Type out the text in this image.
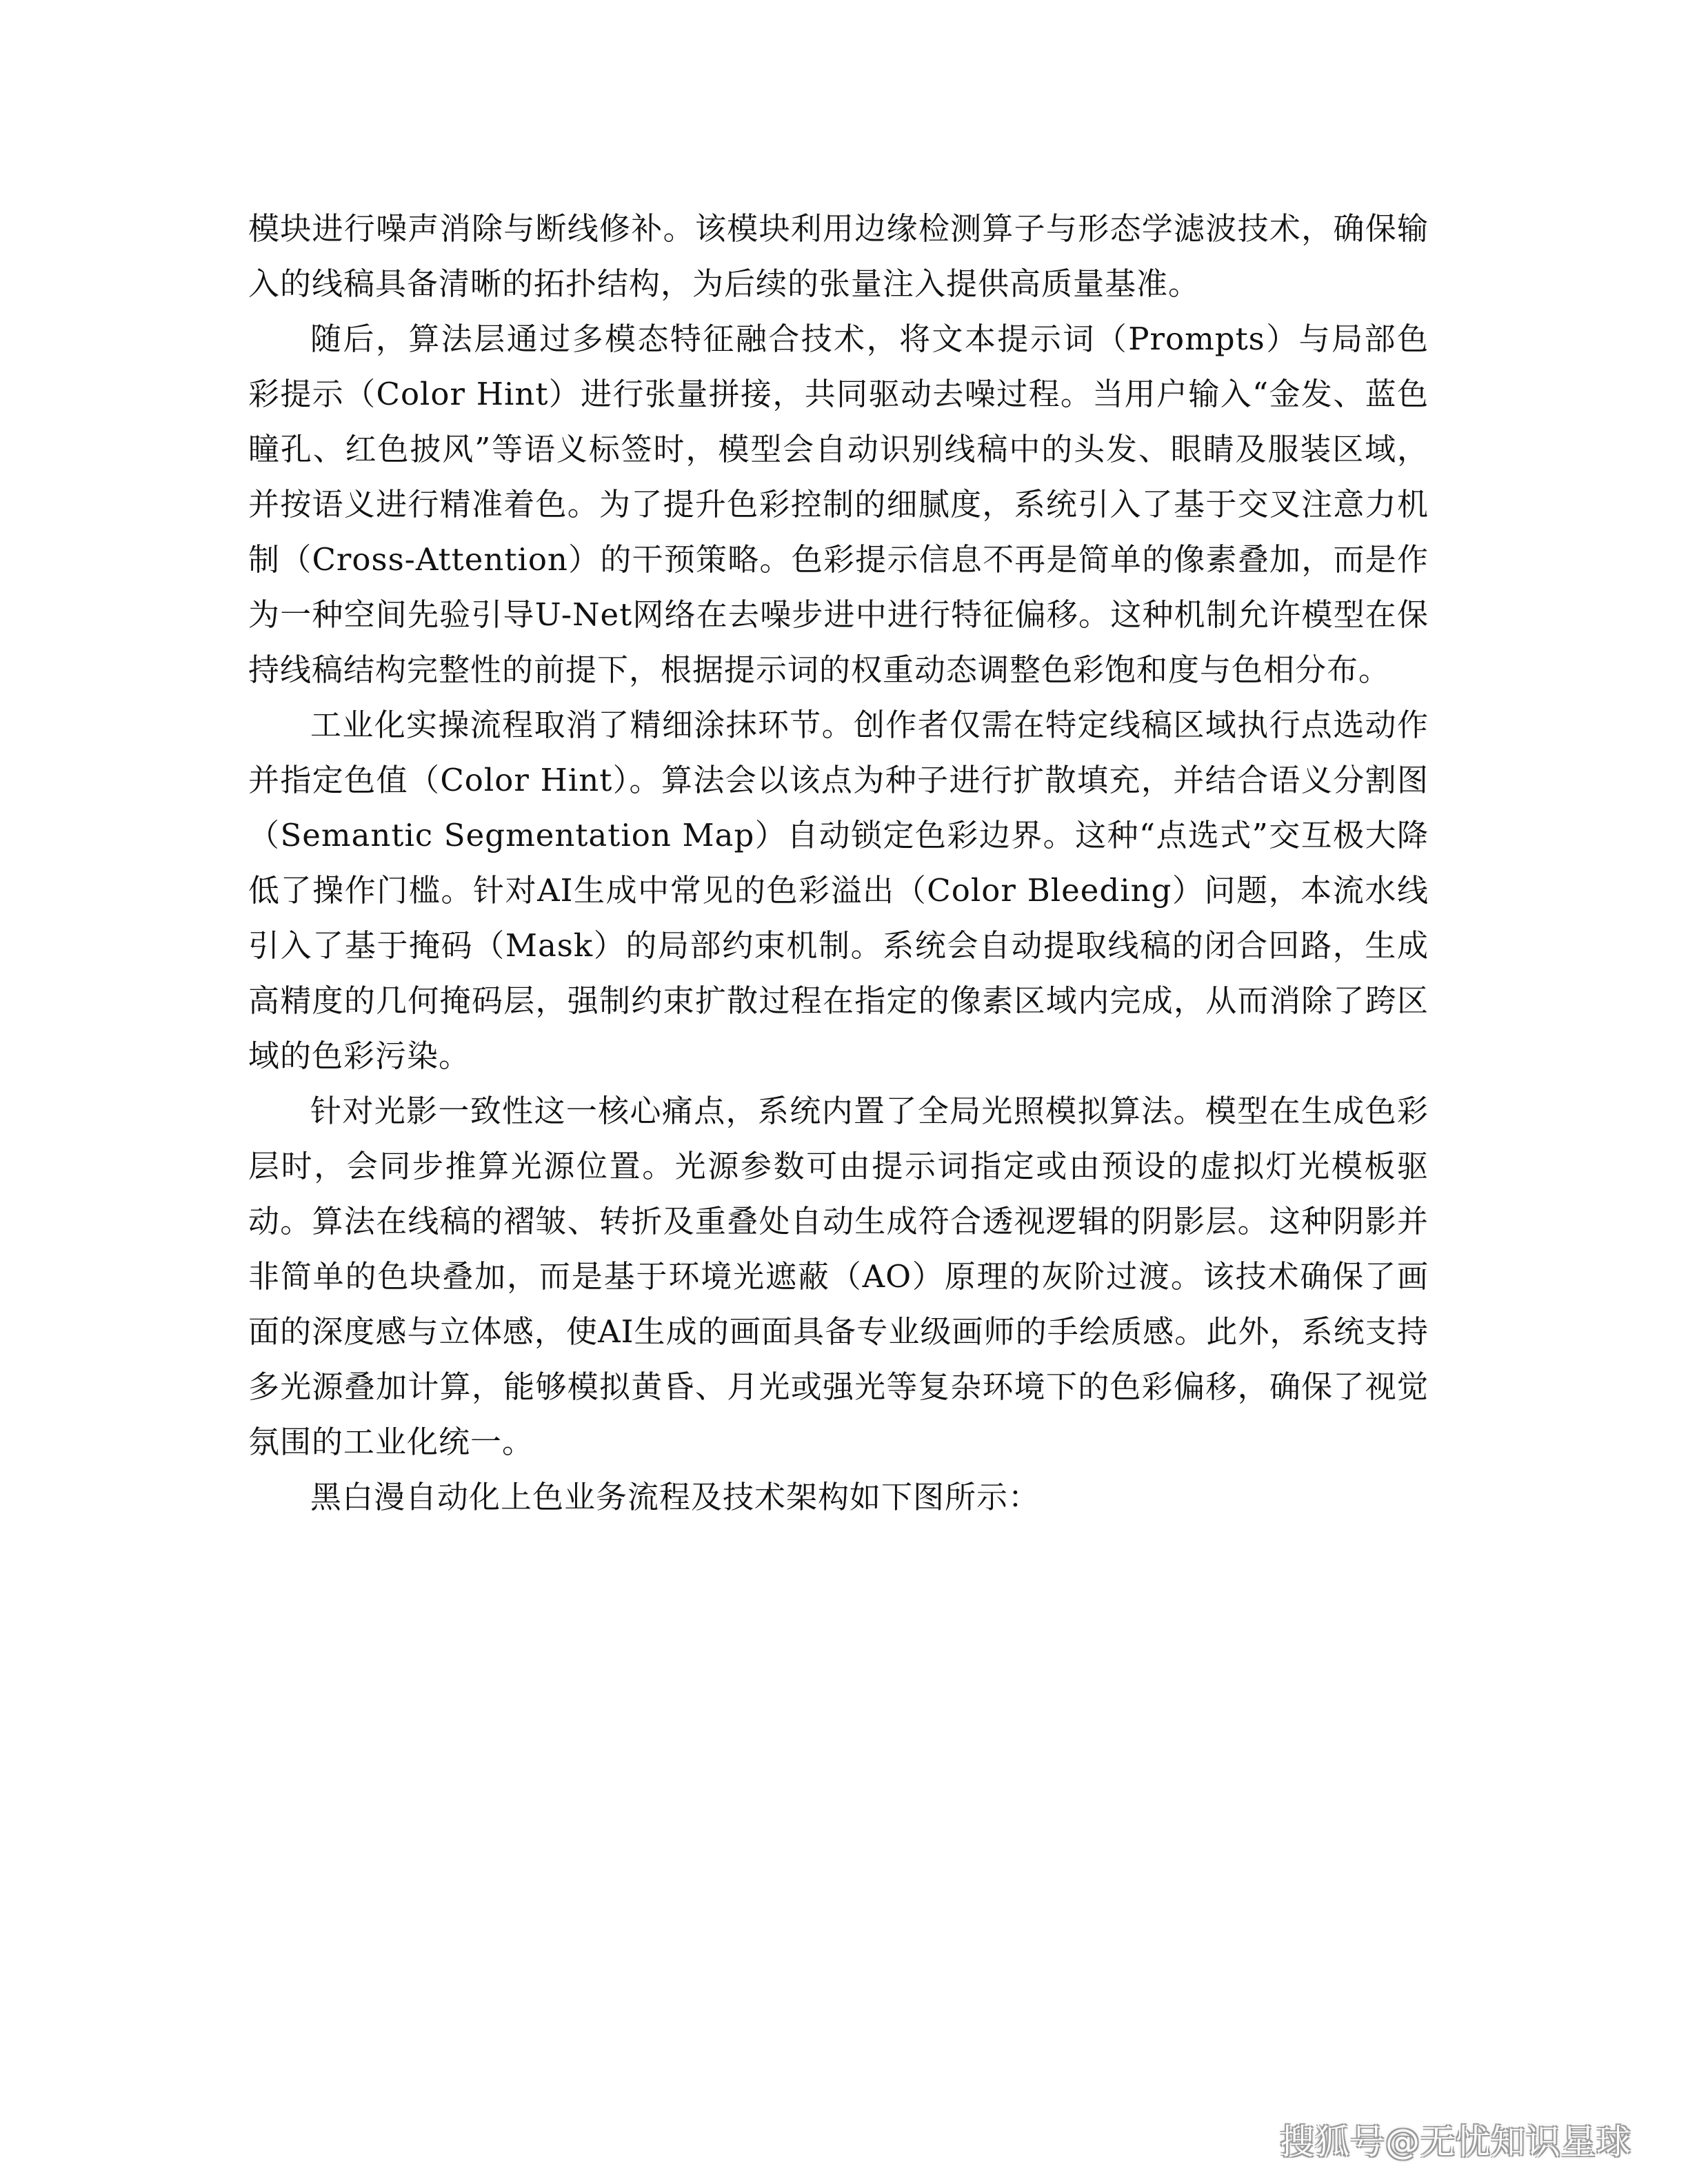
模块进行噪声消除与断线修补。该模块利用边缘检测算子与形态学滤波技术，确保输入的线稿具备清晰的拓扑结构，为后续的张量注入提供高质量基准。

随后，算法层通过多模态特征融合技术，将文本提示词（Prompts）与局部色彩提示（Color Hint）进行张量拼接，共同驱动去噪过程。当用户输入“金发、蓝色瞳孔、红色披风”等语义标签时，模型会自动识别线稿中的头发、眼睛及服装区域，并按语义进行精准着色。为了提升色彩控制的细腻度，系统引入了基于交叉注意力机制（Cross-Attention）的干预策略。色彩提示信息不再是简单的像素叠加，而是作为一种空间先验引导U-Net网络在去噪步进中进行特征偏移。这种机制允许模型在保持线稿结构完整性的前提下，根据提示词的权重动态调整色彩饱和度与色相分布。

工业化实操流程取消了精细涂抹环节。创作者仅需在特定线稿区域执行点选动作并指定色值（Color Hint）。算法会以该点为种子进行扩散填充，并结合语义分割图（Semantic Segmentation Map）自动锁定色彩边界。这种“点选式”交互极大降低了操作门槛。针对AI生成中常见的色彩溢出（Color Bleeding）问题，本流水线引入了基于掩码（Mask）的局部约束机制。系统会自动提取线稿的闭合回路，生成高精度的几何掩码层，强制约束扩散过程在指定的像素区域内完成，从而消除了跨区域的色彩污染。

针对光影一致性这一核心痛点，系统内置了全局光照模拟算法。模型在生成色彩层时，会同步推算光源位置。光源参数可由提示词指定或由预设的虚拟灯光模板驱动。算法在线稿的褶皱、转折及重叠处自动生成符合透视逻辑的阴影层。这种阴影并非简单的色块叠加，而是基于环境光遮蔽（AO）原理的灰阶过渡。该技术确保了画面的深度感与立体感，使AI生成的画面具备专业级画师的手绘质感。此外，系统支持多光源叠加计算，能够模拟黄昏、月光或强光等复杂环境下的色彩偏移，确保了视觉氛围的工业化统一。

黑白漫自动化上色业务流程及技术架构如下图所示：

搜狐号@无忧知识星球
